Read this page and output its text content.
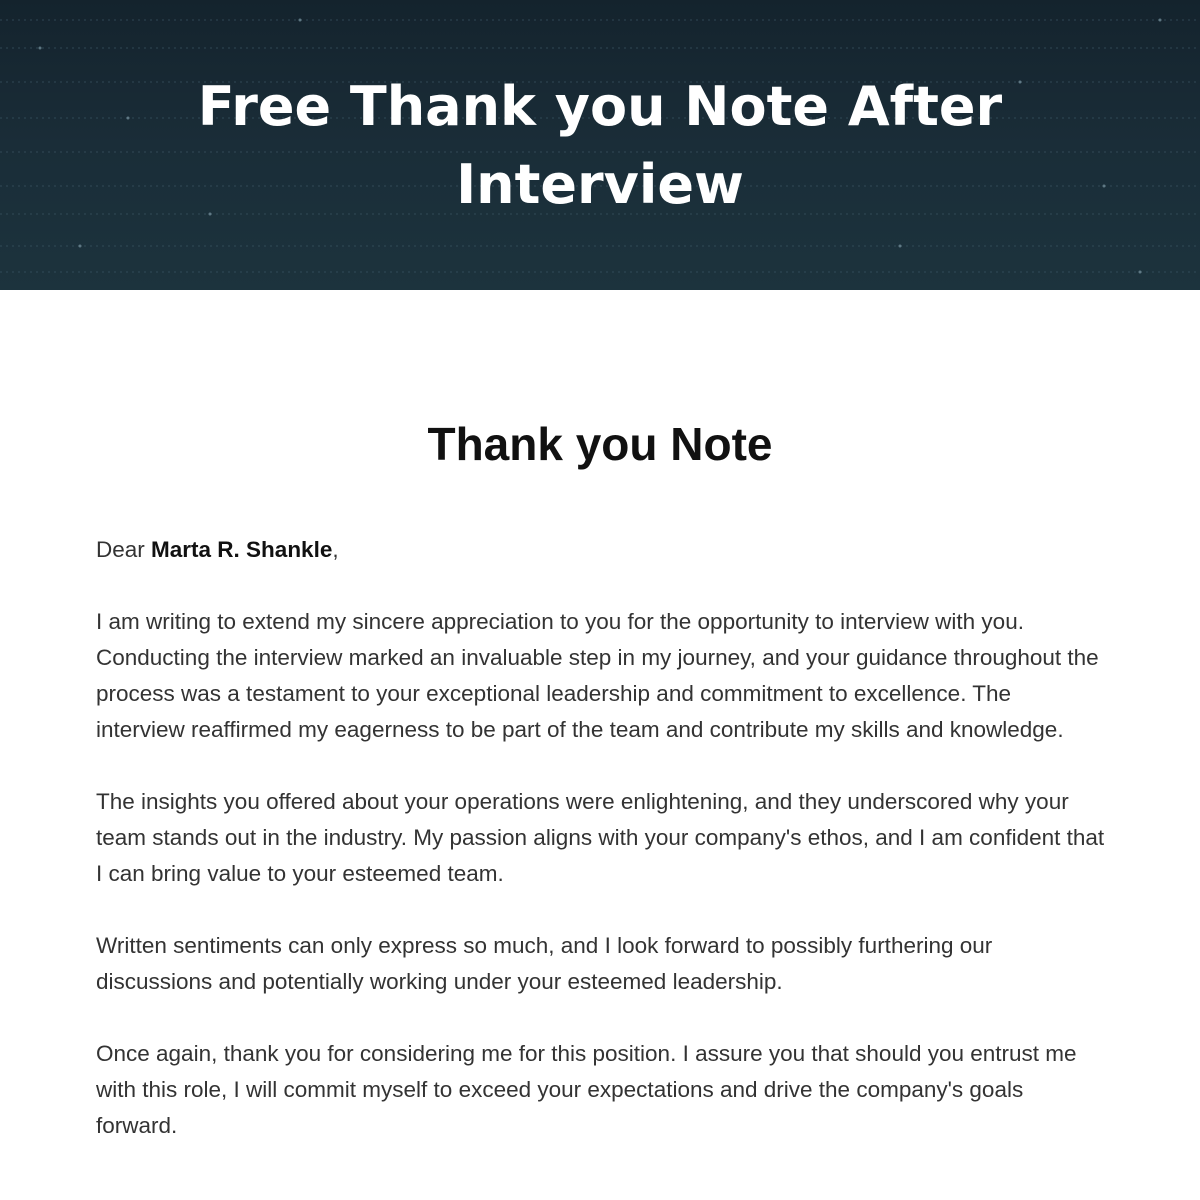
Free Thank you Note After Interview
Thank you Note

Dear Marta R. Shankle,

I am writing to extend my sincere appreciation to you for the opportunity to interview with you. Conducting the interview marked an invaluable step in my journey, and your guidance throughout the process was a testament to your exceptional leadership and commitment to excellence. The interview reaffirmed my eagerness to be part of the team and contribute my skills and knowledge.

The insights you offered about your operations were enlightening, and they underscored why your team stands out in the industry. My passion aligns with your company's ethos, and I am confident that I can bring value to your esteemed team.

Written sentiments can only express so much, and I look forward to possibly furthering our discussions and potentially working under your esteemed leadership.

Once again, thank you for considering me for this position. I assure you that should you entrust me with this role, I will commit myself to exceed your expectations and drive the company's goals forward.
